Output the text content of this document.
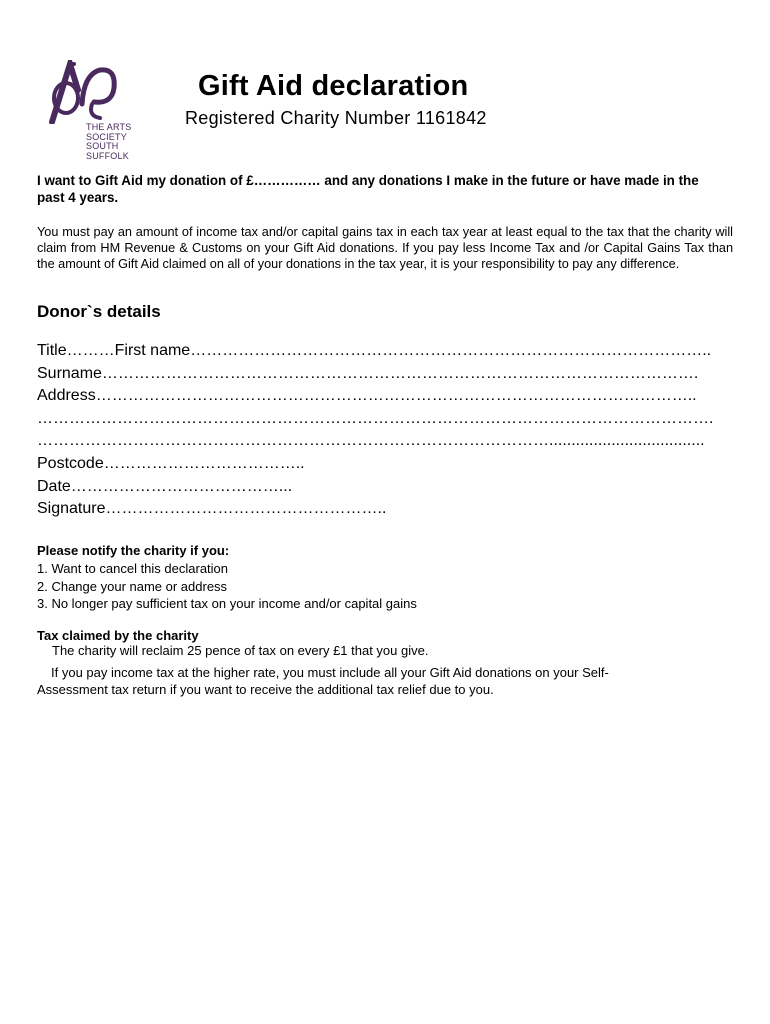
THE ARTS
SOCIETY
SOUTH
SUFFOLK
Gift Aid declaration
Registered Charity Number 1161842
I want to Gift Aid my donation of £…………… and any donations I make in the future or have made in the past 4 years.
You must pay an amount of income tax and/or capital gains tax in each tax year at least equal to the tax that the charity will claim from HM Revenue & Customs on your Gift Aid donations. If you pay less Income Tax and /or Capital Gains Tax than the amount of Gift Aid claimed on all of your donations in the tax year, it is your responsibility to pay any difference.
Donor`s details
Title………First name……………………………………………………………………………………..
Surname………………………………………………………………………………………………….
Address…………………………………………………………………………………………………..
……………………………………………………………………………………………………………….
……………………………………………………………………………………...................................
Postcode………………………………..
Date…………………………………...
Signature……………………………………………..
Please notify the charity if you:
1. Want to cancel this declaration
2. Change your name or address
3. No longer pay sufficient tax on your income and/or capital gains
Tax claimed by the charity
The charity will reclaim 25 pence of tax on every £1 that you give.
If you pay income tax at the higher rate, you must include all your Gift Aid donations on your Self-Assessment tax return if you want to receive the additional tax relief due to you.
